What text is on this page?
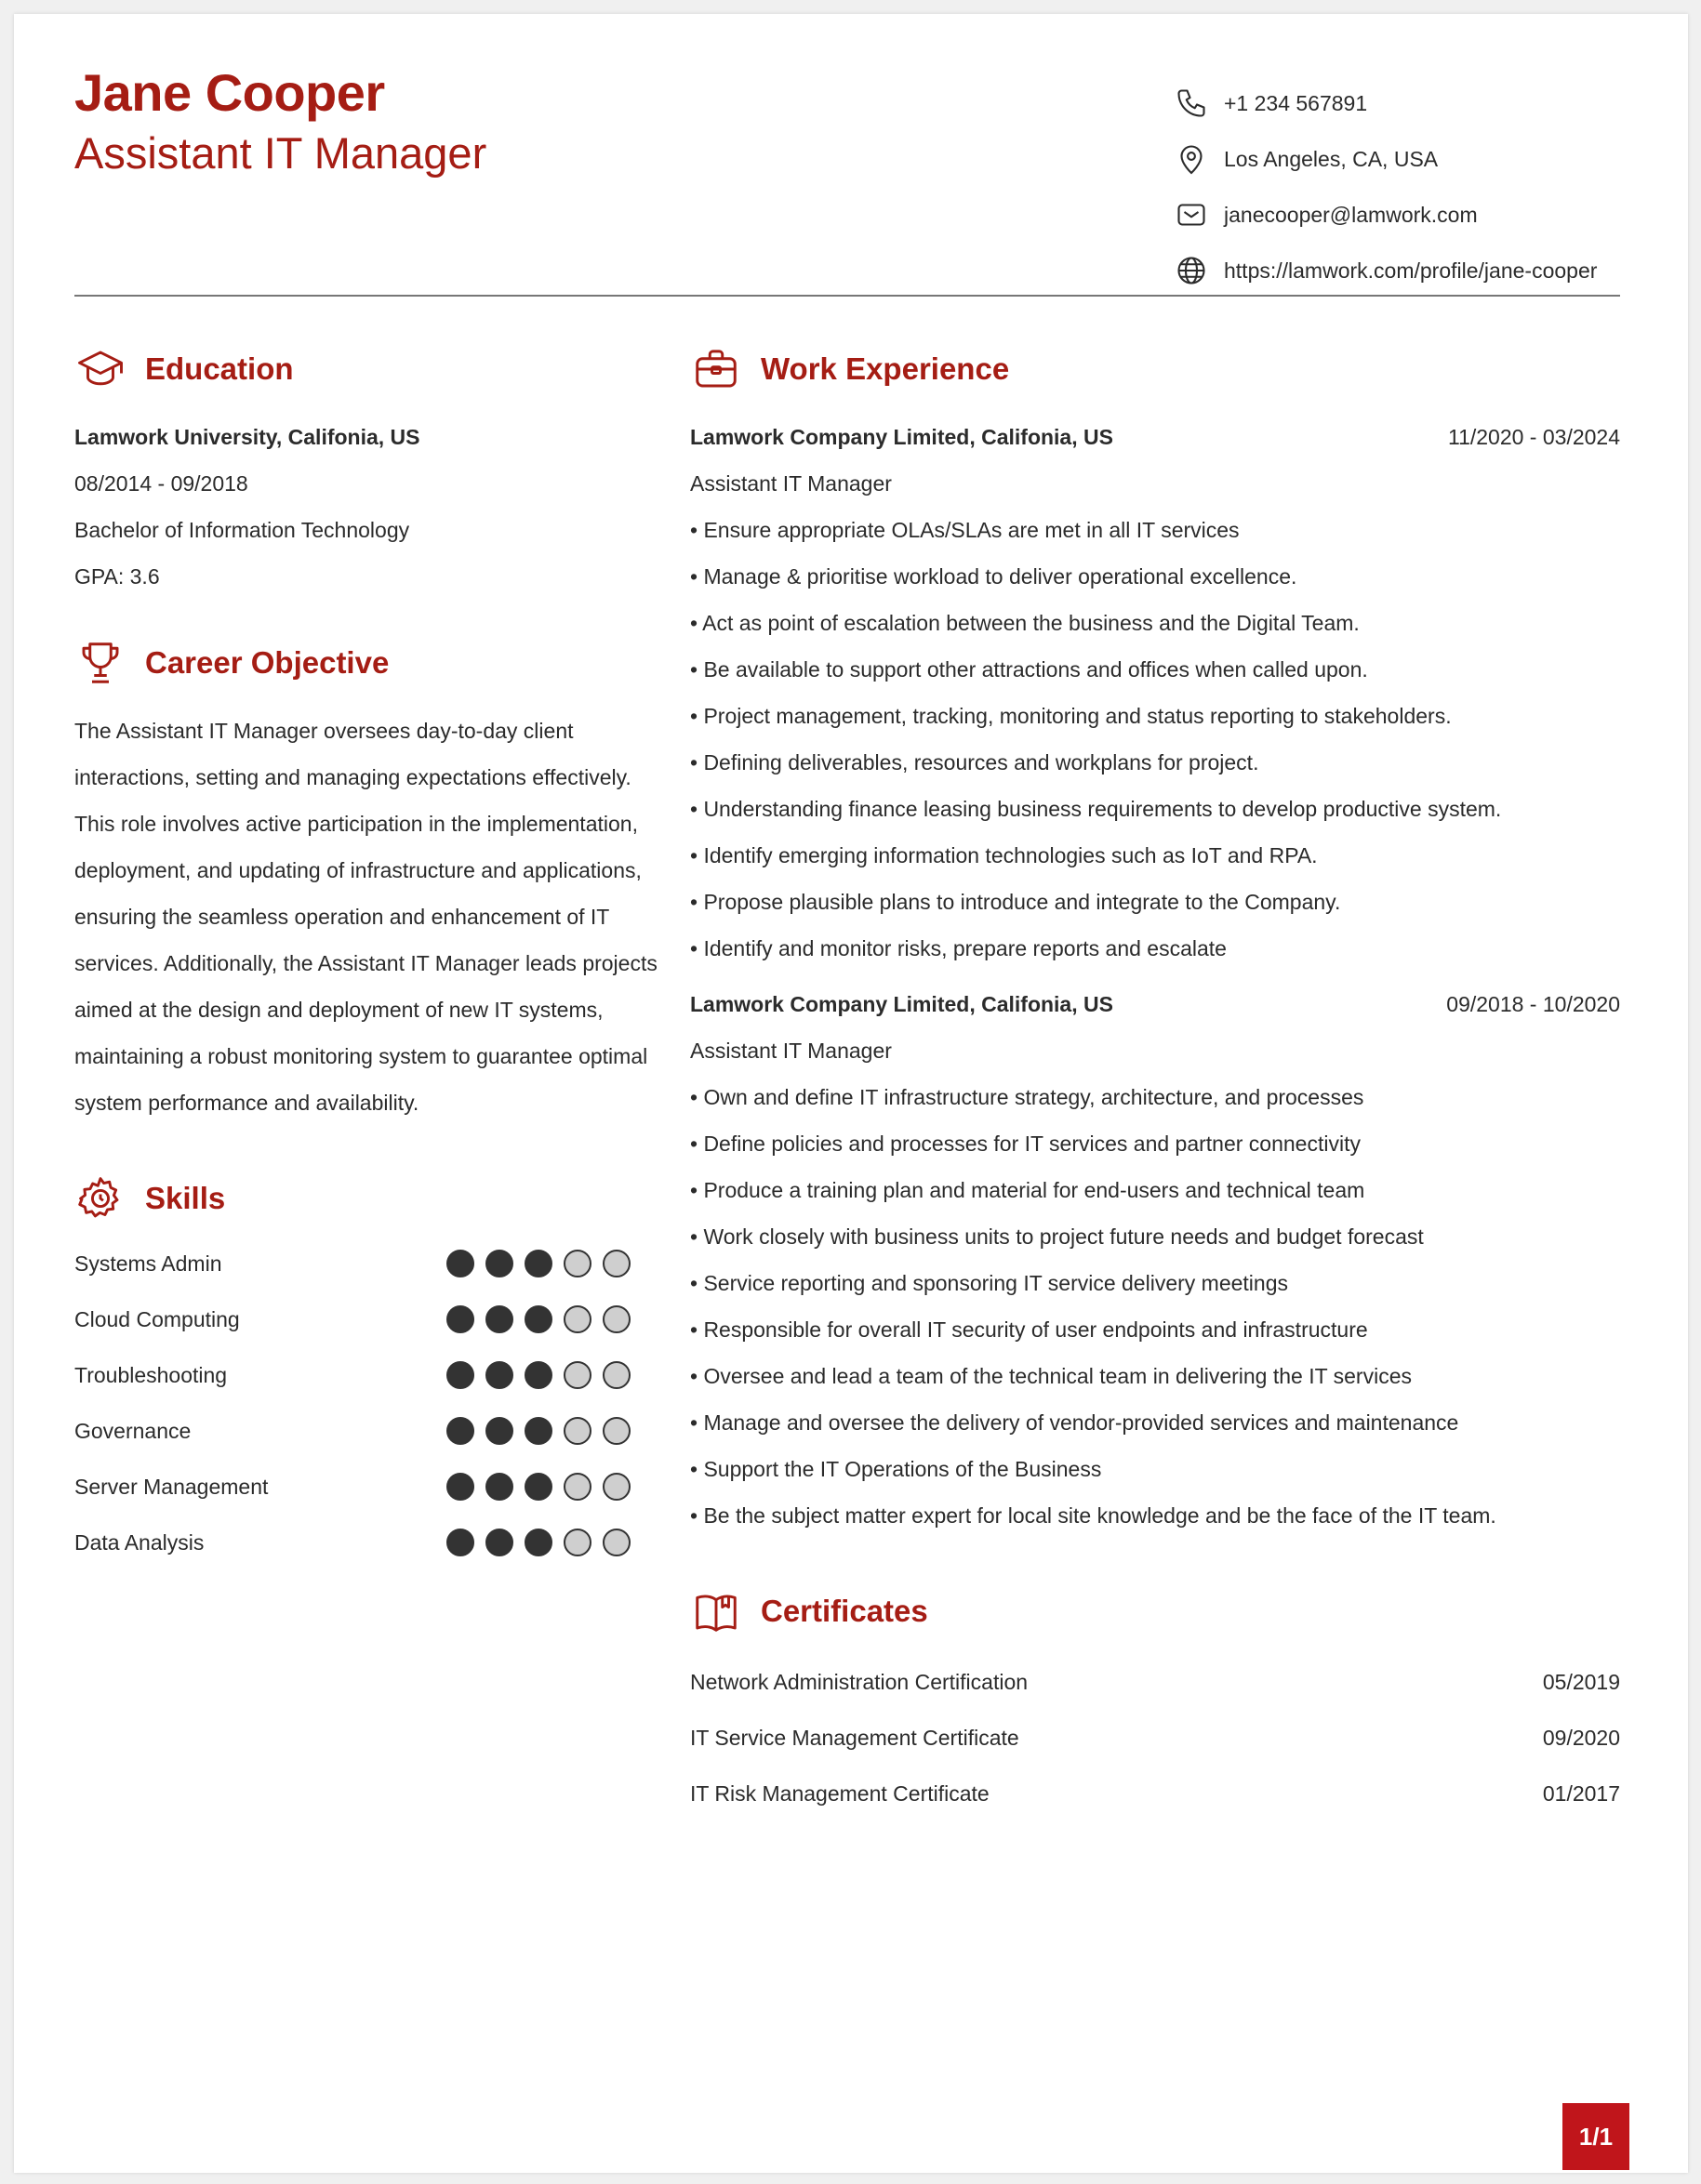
Jane Cooper
Assistant IT Manager
+1 234 567891
Los Angeles, CA, USA
janecooper@lamwork.com
https://lamwork.com/profile/jane-cooper
Education
Lamwork University, Califonia, US
08/2014 - 09/2018
Bachelor of Information Technology
GPA: 3.6
Career Objective
The Assistant IT Manager oversees day-to-day client
interactions, setting and managing expectations effectively.
This role involves active participation in the implementation,
deployment, and updating of infrastructure and applications,
ensuring the seamless operation and enhancement of IT
services. Additionally, the Assistant IT Manager leads projects
aimed at the design and deployment of new IT systems,
maintaining a robust monitoring system to guarantee optimal
system performance and availability.
Skills
Systems Admin
Cloud Computing
Troubleshooting
Governance
Server Management
Data Analysis
Work Experience
Lamwork Company Limited, Califonia, US	11/2020 - 03/2024
Assistant IT Manager
• Ensure appropriate OLAs/SLAs are met in all IT services
• Manage & prioritise workload to deliver operational excellence.
• Act as point of escalation between the business and the Digital Team.
• Be available to support other attractions and offices when called upon.
• Project management, tracking, monitoring and status reporting to stakeholders.
• Defining deliverables, resources and workplans for project.
• Understanding finance leasing business requirements to develop productive system.
• Identify emerging information technologies such as IoT and RPA.
• Propose plausible plans to introduce and integrate to the Company.
• Identify and monitor risks, prepare reports and escalate
Lamwork Company Limited, Califonia, US	09/2018 - 10/2020
Assistant IT Manager
• Own and define IT infrastructure strategy, architecture, and processes
• Define policies and processes for IT services and partner connectivity
• Produce a training plan and material for end-users and technical team
• Work closely with business units to project future needs and budget forecast
• Service reporting and sponsoring IT service delivery meetings
• Responsible for overall IT security of user endpoints and infrastructure
• Oversee and lead a team of the technical team in delivering the IT services
• Manage and oversee the delivery of vendor-provided services and maintenance
• Support the IT Operations of the Business
• Be the subject matter expert for local site knowledge and be the face of the IT team.
Certificates
Network Administration Certification	05/2019
IT Service Management Certificate	09/2020
IT Risk Management Certificate	01/2017
1/1
